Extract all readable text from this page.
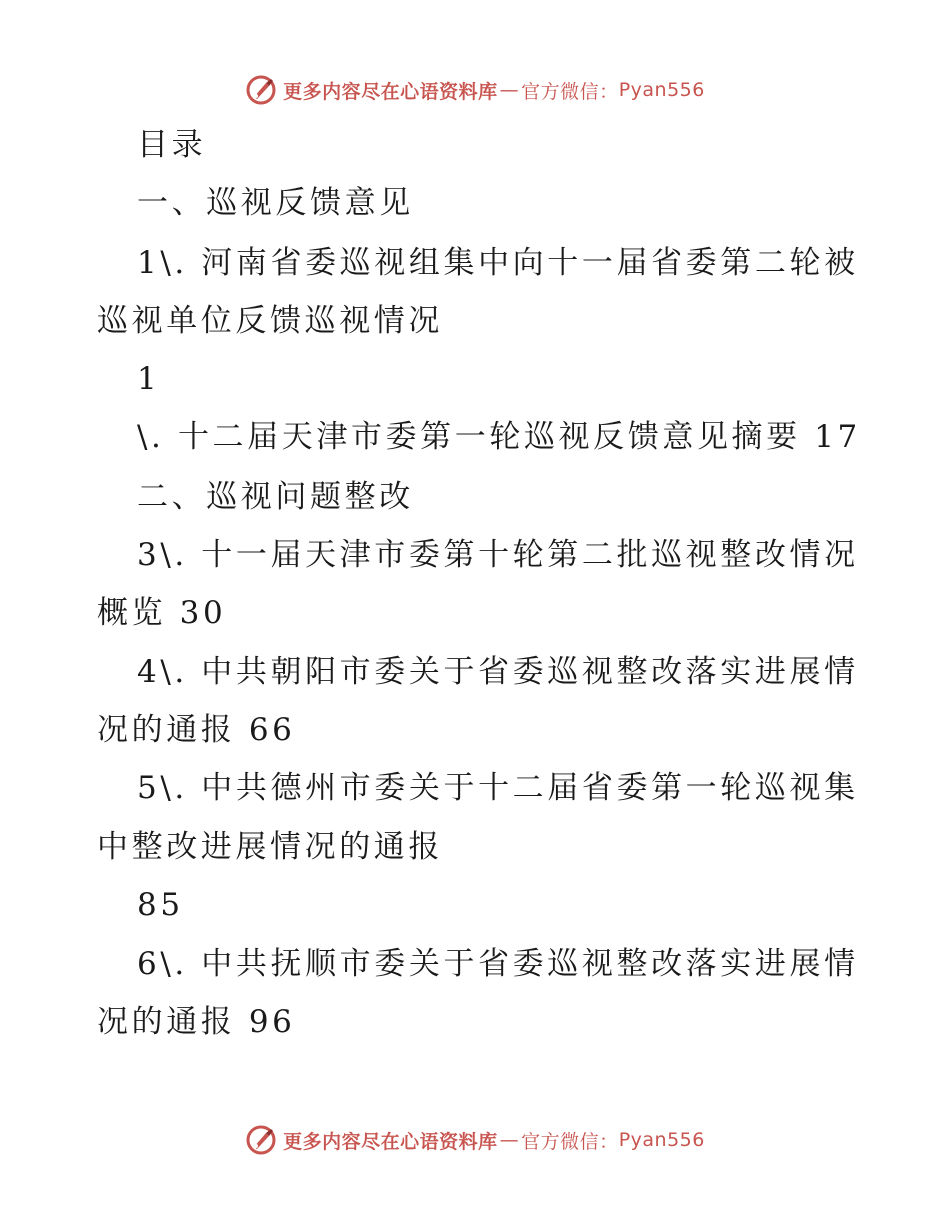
更多内容尽在心语资料库 — 官方微信： Pyan556
目录
一、巡视反馈意见
1\. 河南省委巡视组集中向十一届省委第二轮被
巡视单位反馈巡视情况
1
\. 十二届天津市委第一轮巡视反馈意见摘要 17
二、巡视问题整改
3\. 十一届天津市委第十轮第二批巡视整改情况
概览 30
4\. 中共朝阳市委关于省委巡视整改落实进展情
况的通报 66
5\. 中共德州市委关于十二届省委第一轮巡视集
中整改进展情况的通报
85
6\. 中共抚顺市委关于省委巡视整改落实进展情
况的通报 96
更多内容尽在心语资料库 — 官方微信： Pyan556
